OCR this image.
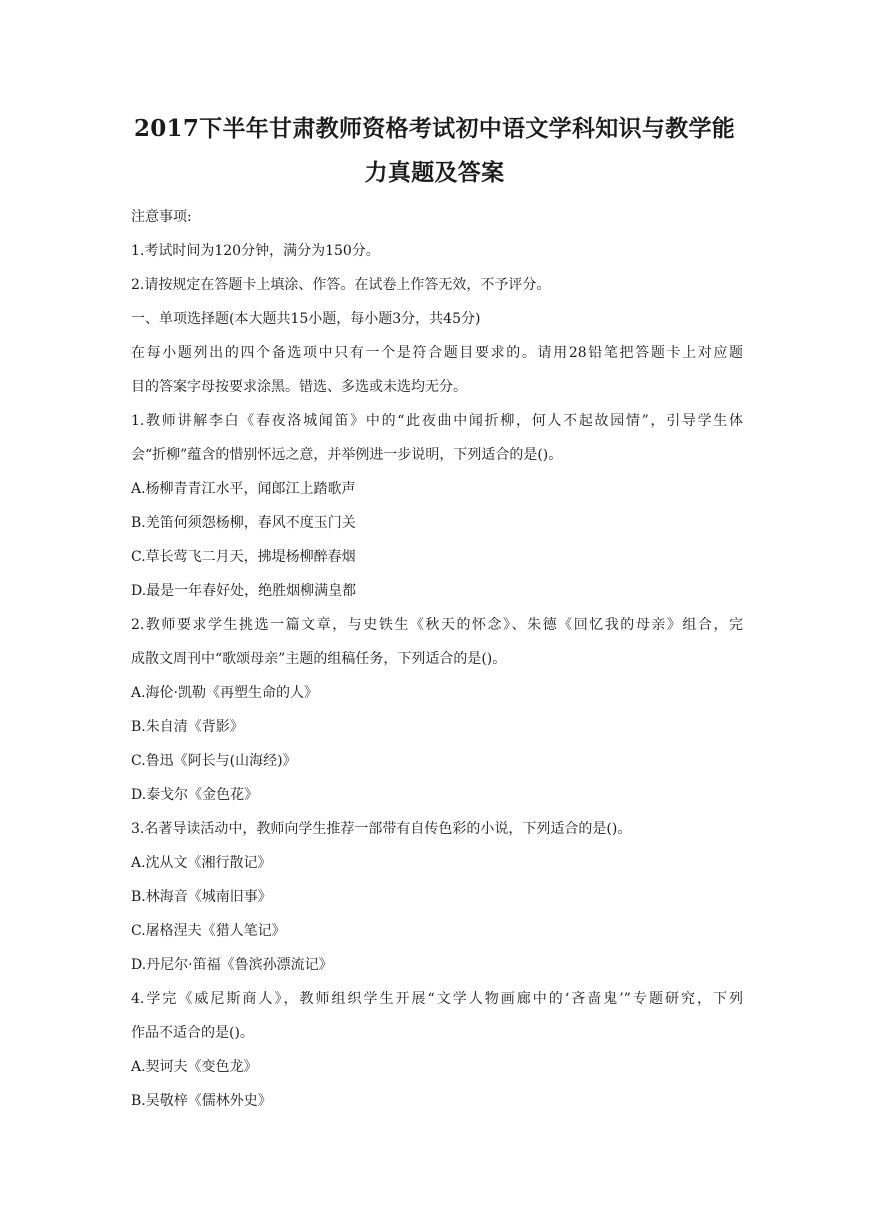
2017下半年甘肃教师资格考试初中语文学科知识与教学能
力真题及答案
注意事项:
1.考试时间为120分钟，满分为150分。
2.请按规定在答题卡上填涂、作答。在试卷上作答无效，不予评分。
一、单项选择题(本大题共15小题，每小题3分，共45分)
在每小题列出的四个备选项中只有一个是符合题目要求的。请用28铅笔把答题卡上对应题
目的答案字母按要求涂黑。错选、多选或未选均无分。
1.教师讲解李白《春夜洛城闻笛》中的“此夜曲中闻折柳，何人不起故园情”，引导学生体
会“折柳”蕴含的惜别怀远之意，并举例进一步说明，下列适合的是()。
A.杨柳青青江水平，闻郎江上踏歌声
B.羌笛何须怨杨柳，春风不度玉门关
C.草长莺飞二月天，拂堤杨柳醉春烟
D.最是一年春好处，绝胜烟柳满皇都
2.教师要求学生挑选一篇文章，与史铁生《秋天的怀念》、朱德《回忆我的母亲》组合，完
成散文周刊中“歌颂母亲”主题的组稿任务，下列适合的是()。
A.海伦·凯勒《再塑生命的人》
B.朱自清《背影》
C.鲁迅《阿长与(山海经)》
D.泰戈尔《金色花》
3.名著导读活动中，教师向学生推荐一部带有自传色彩的小说，下列适合的是()。
A.沈从文《湘行散记》
B.林海音《城南旧事》
C.屠格涅夫《猎人笔记》
D.丹尼尔·笛福《鲁滨孙漂流记》
4.学完《威尼斯商人》，教师组织学生开展“文学人物画廊中的‘吝啬鬼’”专题研究，下列
作品不适合的是()。
A.契诃夫《变色龙》
B.吴敬梓《儒林外史》
